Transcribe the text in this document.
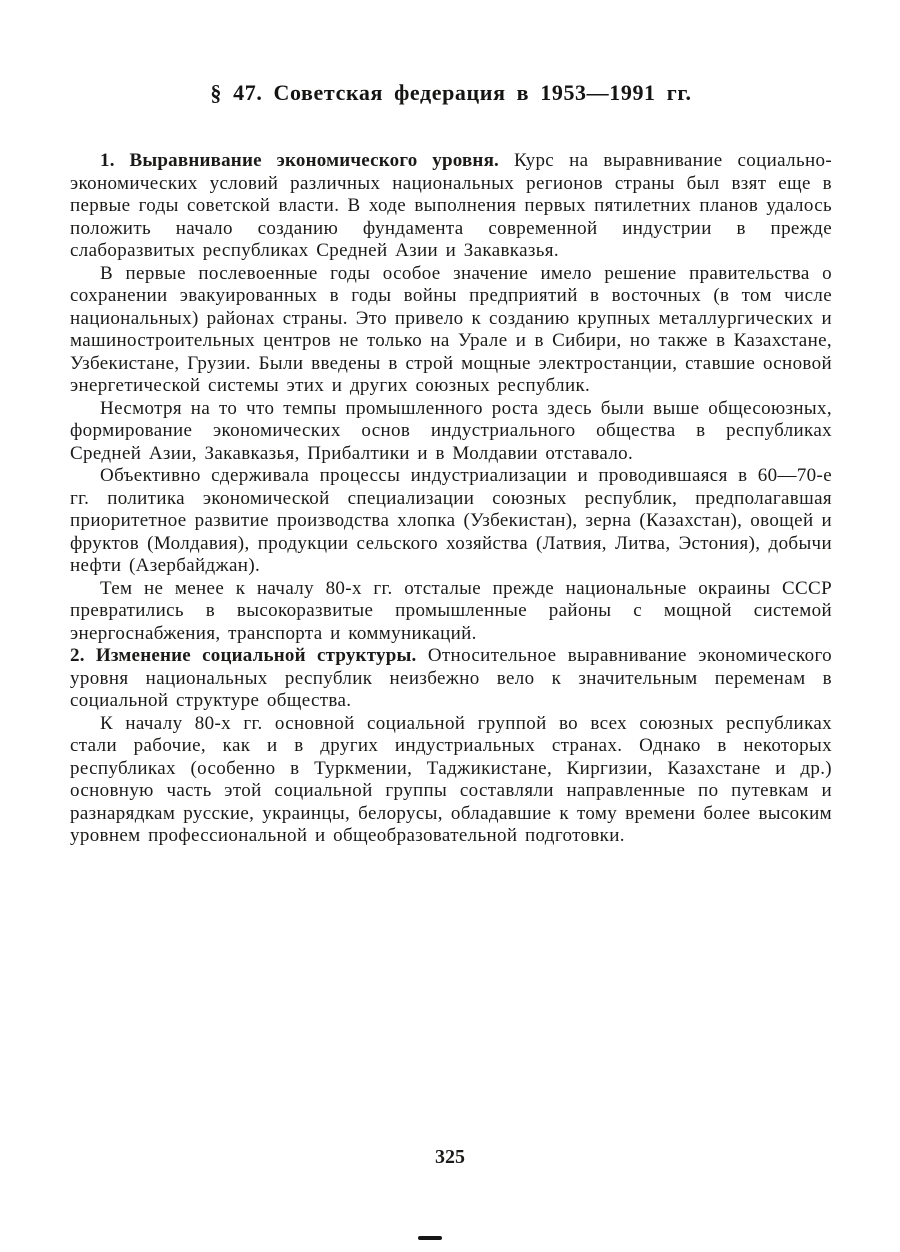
§ 47. Советская федерация в 1953—1991 гг.

1. Выравнивание экономического уровня. Курс на выравнивание социально-экономических условий различных национальных регионов страны был взят еще в первые годы советской власти. В ходе выполнения первых пятилетних планов удалось положить начало созданию фундамента современной индустрии в прежде слаборазвитых республиках Средней Азии и Закавказья.

В первые послевоенные годы особое значение имело решение правительства о сохранении эвакуированных в годы войны предприятий в восточных (в том числе национальных) районах страны. Это привело к созданию крупных металлургических и машиностроительных центров не только на Урале и в Сибири, но также в Казахстане, Узбекистане, Грузии. Были введены в строй мощные электростанции, ставшие основой энергетической системы этих и других союзных республик.

Несмотря на то что темпы промышленного роста здесь были выше общесоюзных, формирование экономических основ индустриального общества в республиках Средней Азии, Закавказья, Прибалтики и в Молдавии отставало.

Объективно сдерживала процессы индустриализации и проводившаяся в 60—70-е гг. политика экономической специализации союзных республик, предполагавшая приоритетное развитие производства хлопка (Узбекистан), зерна (Казахстан), овощей и фруктов (Молдавия), продукции сельского хозяйства (Латвия, Литва, Эстония), добычи нефти (Азербайджан).

Тем не менее к началу 80-х гг. отсталые прежде национальные окраины СССР превратились в высокоразвитые промышленные районы с мощной системой энергоснабжения, транспорта и коммуникаций.

2. Изменение социальной структуры. Относительное выравнивание экономического уровня национальных республик неизбежно вело к значительным переменам в социальной структуре общества.

К началу 80-х гг. основной социальной группой во всех союзных республиках стали рабочие, как и в других индустриальных странах. Однако в некоторых республиках (особенно в Туркмении, Таджикистане, Киргизии, Казахстане и др.) основную часть этой социальной группы составляли направленные по путевкам и разнарядкам русские, украинцы, белорусы, обладавшие к тому времени более высоким уровнем профессиональной и общеобразовательной подготовки.

325
